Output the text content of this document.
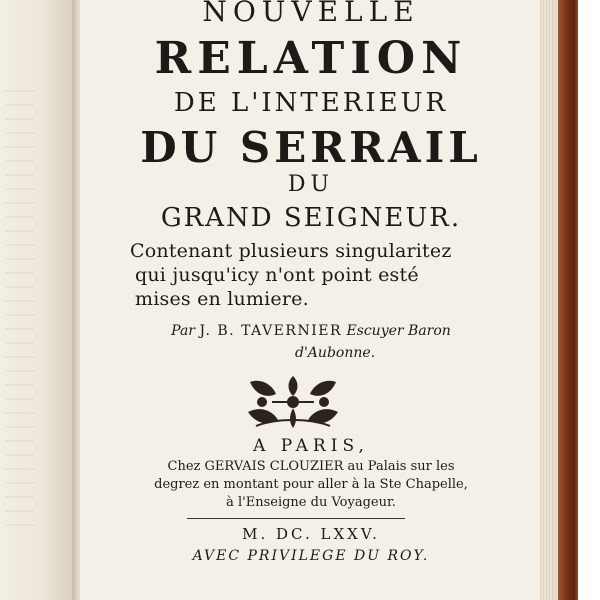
NOUVELLE
RELATION
DE L'INTERIEUR
DU SERRAIL
DU
GRAND SEIGNEUR.
Contenant plusieurs singularitez
qui jusqu'icy n'ont point esté
mises en lumiere.
Par J. B. TAVERNIER Escuyer Baron
d'Aubonne.
A PARIS,
Chez GERVAIS CLOUZIER au Palais sur les
degrez en montant pour aller à la Ste Chapelle,
à l'Enseigne du Voyageur.
M. DC. LXXV.
AVEC PRIVILEGE DU ROY.
